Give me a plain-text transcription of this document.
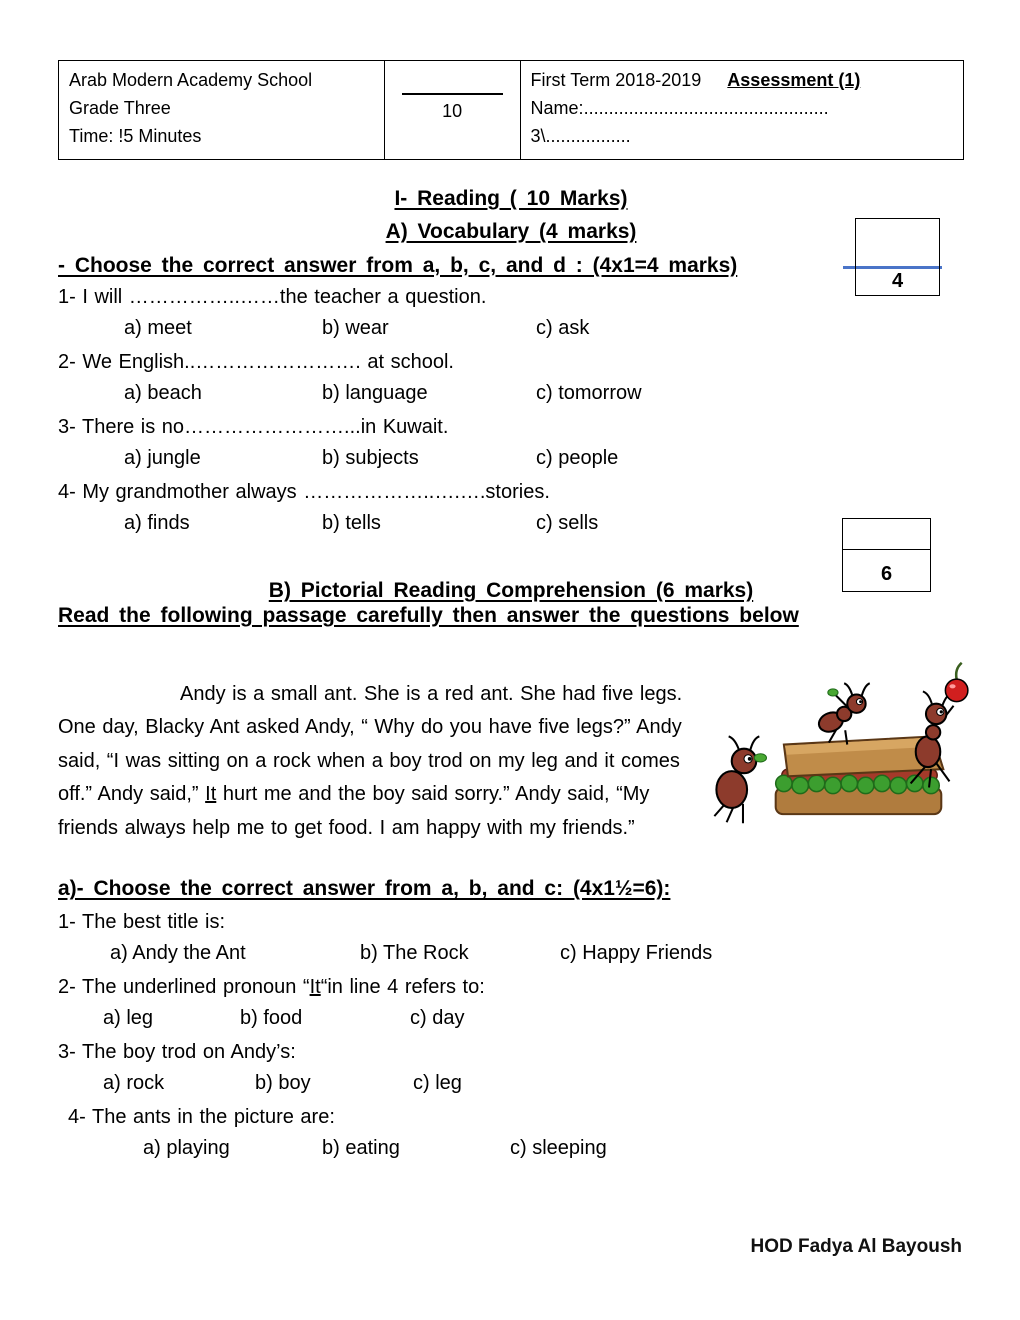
Arab Modern Academy School
Grade Three
Time: !5 Minutes

10

First Term 2018-2019 Assessment (1)
Name:.................................................
3\.................
I- Reading ( 10 Marks)
A) Vocabulary (4 marks)
- Choose the correct answer from a, b, c, and d : (4x1=4 marks)
1- I will ……………..……the teacher a question.
a) meet	b) wear	c) ask
2- We English..……………………. at school.
a) beach	b) language	c) tomorrow
3- There is no……………………...in Kuwait.
a) jungle	b) subjects	c) people
4- My grandmother always ………………..….….stories.
a) finds	b) tells	c) sells
B) Pictorial Reading Comprehension (6 marks)
Read the following passage carefully then answer the questions below
Andy is a small ant. She is a red ant. She had five legs. One day, Blacky Ant asked Andy, “ Why do you have five legs?” Andy said, “I was sitting on a rock when a boy trod on my leg and it comes off.” Andy said,” It hurt me and the boy said sorry.” Andy said, “My friends always help me to get food. I am happy with my friends.”
a)- Choose the correct answer from a, b, and c: (4x1½=6):
1- The best title is:
a) Andy the Ant	b) The Rock	c) Happy Friends
2- The underlined pronoun “It“in line 4 refers to:
a) leg	b) food	c) day
3- The boy trod on Andy’s:
a) rock	b) boy	c) leg
4- The ants in the picture are:
a) playing	b) eating	c) sleeping
4
6
HOD Fadya Al Bayoush
